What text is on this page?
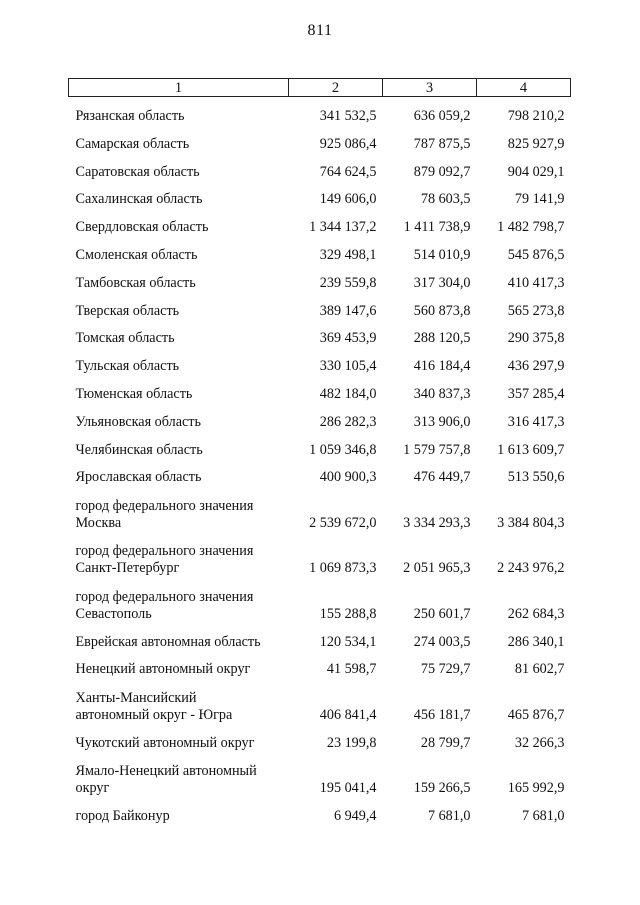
811
1	2	3	4
Рязанская область	341 532,5	636 059,2	798 210,2
Самарская область	925 086,4	787 875,5	825 927,9
Саратовская область	764 624,5	879 092,7	904 029,1
Сахалинская область	149 606,0	78 603,5	79 141,9
Свердловская область	1 344 137,2	1 411 738,9	1 482 798,7
Смоленская область	329 498,1	514 010,9	545 876,5
Тамбовская область	239 559,8	317 304,0	410 417,3
Тверская область	389 147,6	560 873,8	565 273,8
Томская область	369 453,9	288 120,5	290 375,8
Тульская область	330 105,4	416 184,4	436 297,9
Тюменская область	482 184,0	340 837,3	357 285,4
Ульяновская область	286 282,3	313 906,0	316 417,3
Челябинская область	1 059 346,8	1 579 757,8	1 613 609,7
Ярославская область	400 900,3	476 449,7	513 550,6

город федерального значения
Москва	2 539 672,0	3 334 293,3	3 384 804,3

город федерального значения
Санкт-Петербург	1 069 873,3	2 051 965,3	2 243 976,2

город федерального значения
Севастополь	155 288,8	250 601,7	262 684,3
Еврейская автономная область	120 534,1	274 003,5	286 340,1
Ненецкий автономный округ	41 598,7	75 729,7	81 602,7

Ханты-Мансийский
автономный округ - Югра	406 841,4	456 181,7	465 876,7
Чукотский автономный округ	23 199,8	28 799,7	32 266,3

Ямало-Ненецкий автономный
округ	195 041,4	159 266,5	165 992,9
город Байконур	6 949,4	7 681,0	7 681,0
